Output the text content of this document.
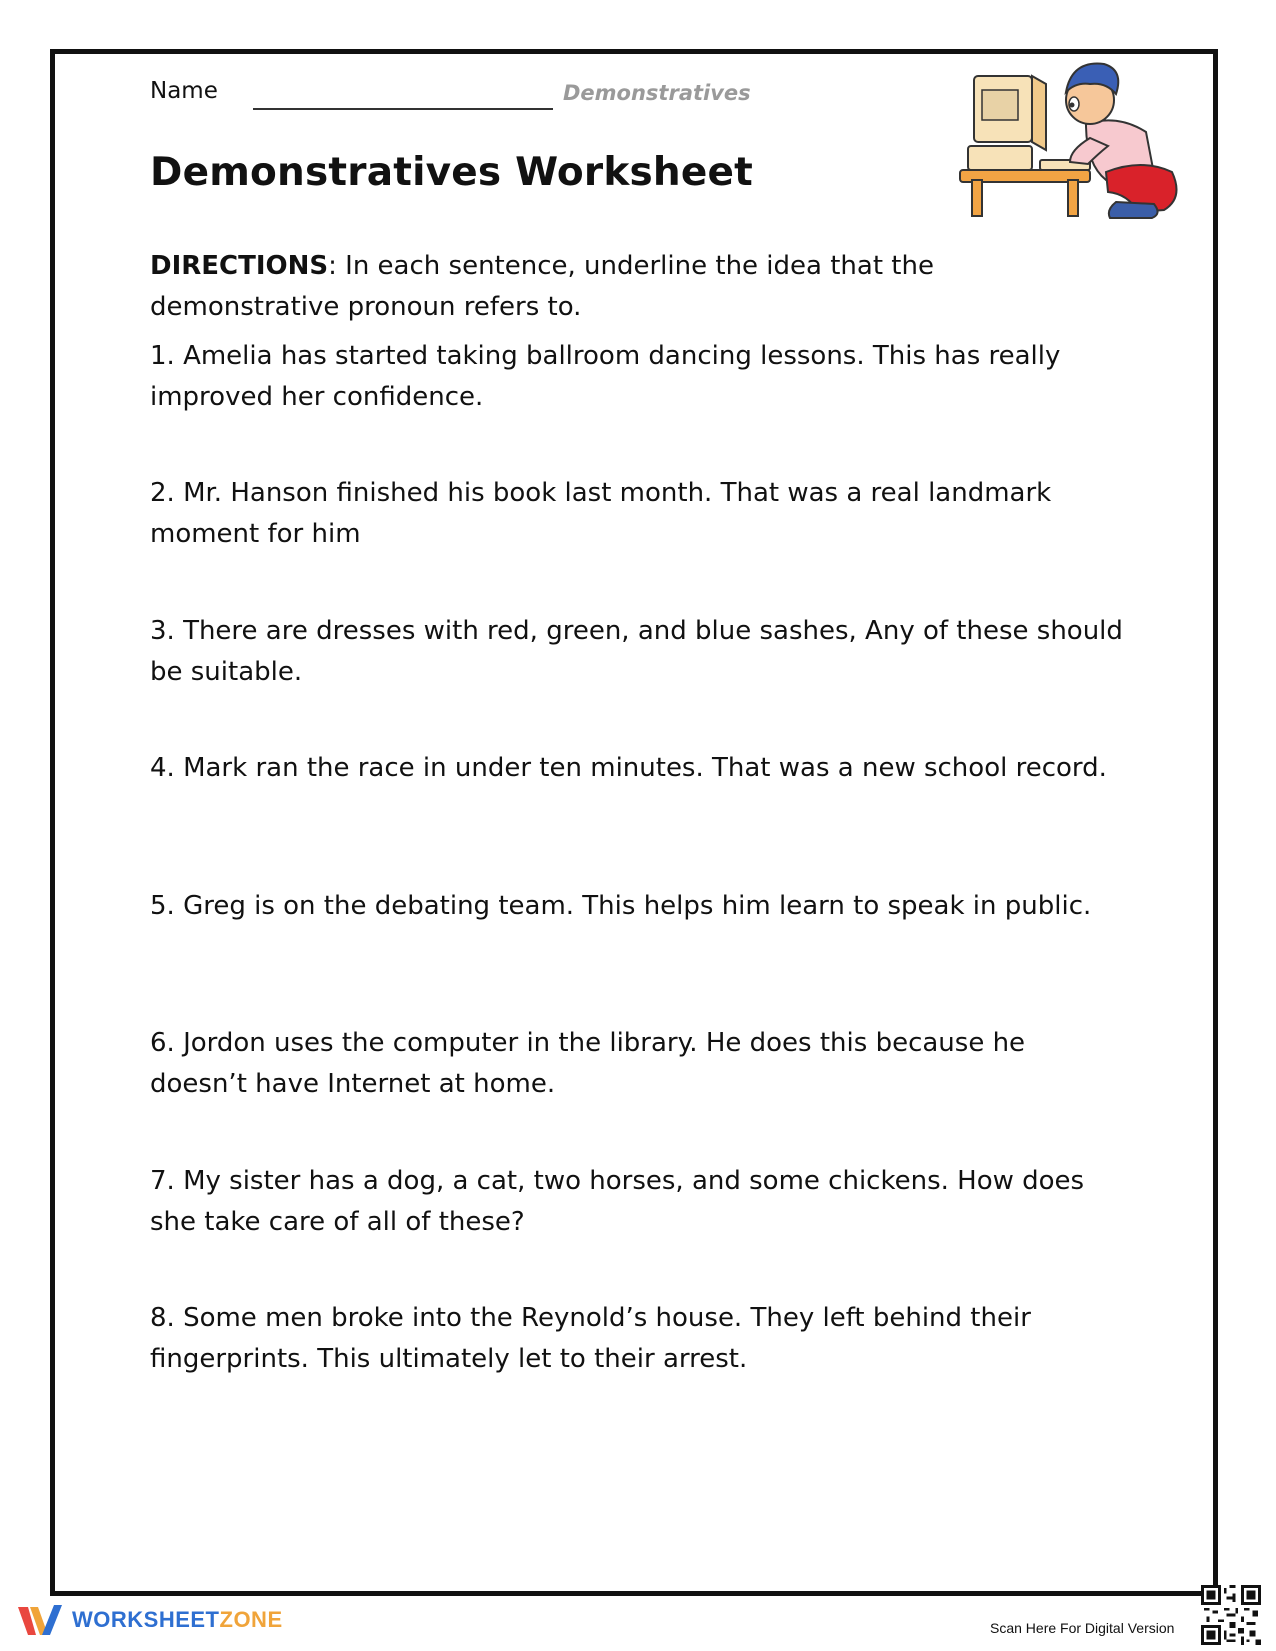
Name	Demonstratives
Demonstratives Worksheet
DIRECTIONS: In each sentence, underline the idea that the demonstrative pronoun refers to.
1. Amelia has started taking ballroom dancing lessons. This has really improved her confidence.
2. Mr. Hanson finished his book last month. That was a real landmark moment for him
3. There are dresses with red, green, and blue sashes, Any of these should be suitable.
4. Mark ran the race in under ten minutes. That was a new school record.
5. Greg is on the debating team. This helps him learn to speak in public.
6. Jordon uses the computer in the library. He does this because he doesn’t have Internet at home.
7. My sister has a dog, a cat, two horses, and some chickens. How does she take care of all of these?
8. Some men broke into the Reynold’s house. They left behind their fingerprints. This ultimately let to their arrest.
WORKSHEETZONE	Scan Here For Digital Version
